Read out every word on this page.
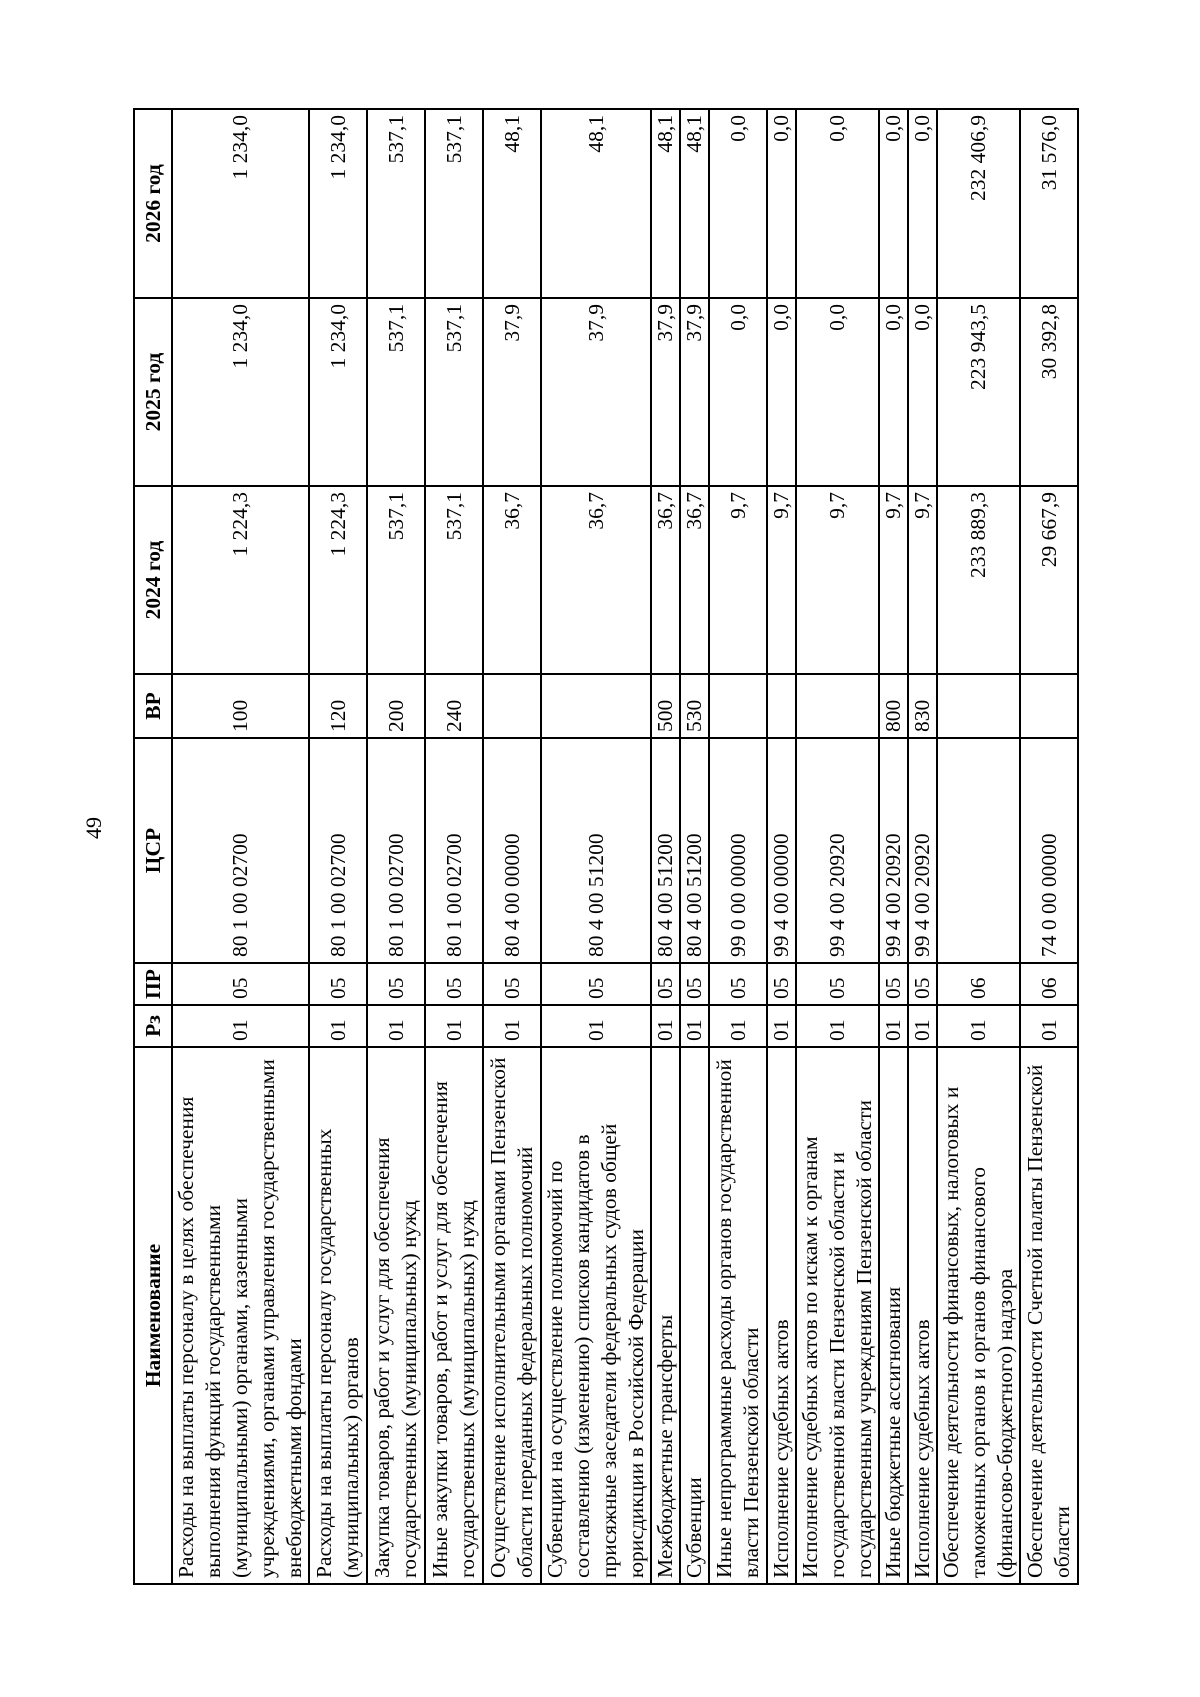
49
Наименование	Рз	ПР	ЦСР	ВР	2024 год	2025 год	2026 год
Расходы на выплаты персоналу в целях обеспечения выполнения функций государственными (муниципальными) органами, казенными учреждениями, органами управления государственными внебюджетными фондами	01	05	80 1 00 02700	100	1 224,3	1 234,0	1 234,0
Расходы на выплаты персоналу государственных (муниципальных) органов	01	05	80 1 00 02700	120	1 224,3	1 234,0	1 234,0
Закупка товаров, работ и услуг для обеспечения государственных (муниципальных) нужд	01	05	80 1 00 02700	200	537,1	537,1	537,1
Иные закупки товаров, работ и услуг для обеспечения государственных (муниципальных) нужд	01	05	80 1 00 02700	240	537,1	537,1	537,1
Осуществление исполнительными органами Пензенской области переданных федеральных полномочий	01	05	80 4 00 00000		36,7	37,9	48,1
Субвенции на осуществление полномочий по составлению (изменению) списков кандидатов в присяжные заседатели федеральных судов общей юрисдикции в Российской Федерации	01	05	80 4 00 51200		36,7	37,9	48,1
Межбюджетные трансферты	01	05	80 4 00 51200	500	36,7	37,9	48,1
Субвенции	01	05	80 4 00 51200	530	36,7	37,9	48,1
Иные непрограммные расходы органов государственной власти Пензенской области	01	05	99 0 00 00000		9,7	0,0	0,0
Исполнение судебных актов	01	05	99 4 00 00000		9,7	0,0	0,0
Исполнение судебных актов по искам к органам государственной власти Пензенской области и государственным учреждениям Пензенской области	01	05	99 4 00 20920		9,7	0,0	0,0
Иные бюджетные ассигнования	01	05	99 4 00 20920	800	9,7	0,0	0,0
Исполнение судебных актов	01	05	99 4 00 20920	830	9,7	0,0	0,0
Обеспечение деятельности финансовых, налоговых и таможенных органов и органов финансового (финансово-бюджетного) надзора	01	06			233 889,3	223 943,5	232 406,9
Обеспечение деятельности Счетной палаты Пензенской области	01	06	74 0 00 00000		29 667,9	30 392,8	31 576,0
